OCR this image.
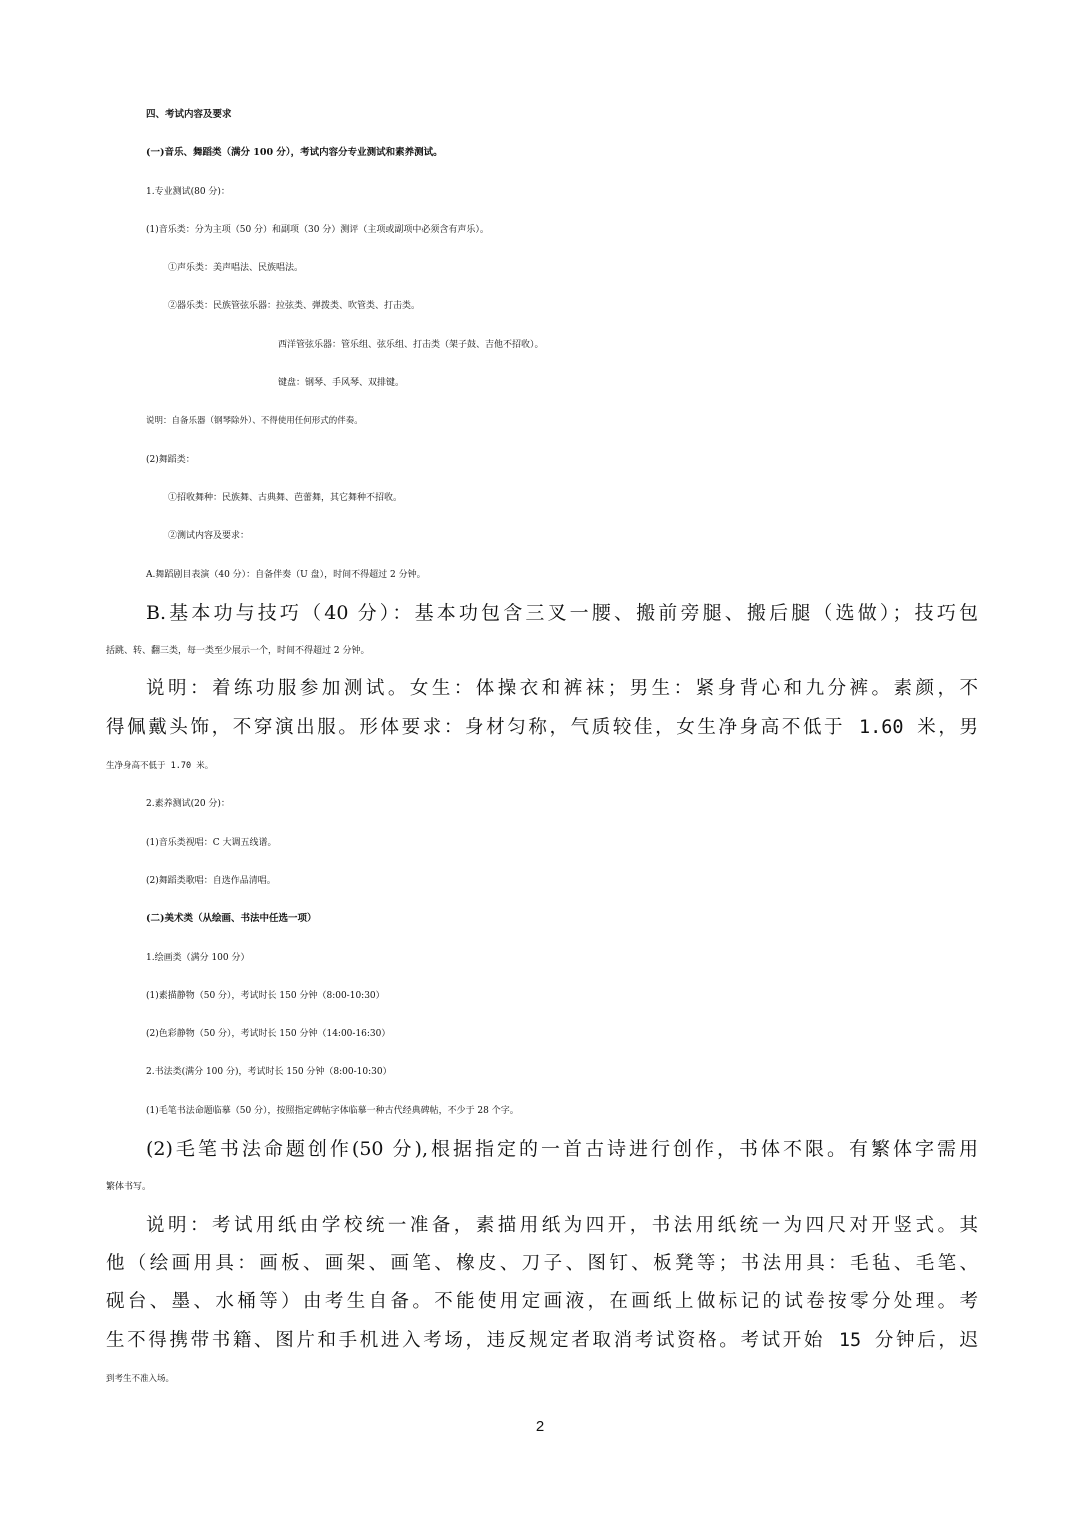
四、考试内容及要求
(一)音乐、舞蹈类（满分 100 分），考试内容分专业测试和素养测试。
1.专业测试(80 分)：
(1)音乐类：分为主项（50 分）和副项（30 分）测评（主项或副项中必须含有声乐）。
①声乐类：美声唱法、民族唱法。
②器乐类：民族管弦乐器：拉弦类、弹拨类、吹管类、打击类。
西洋管弦乐器：管乐组、弦乐组、打击类（架子鼓、吉他不招收）。
键盘：钢琴、手风琴、双排键。
说明：自备乐器（钢琴除外）、不得使用任何形式的伴奏。
(2)舞蹈类：
①招收舞种：民族舞、古典舞、芭蕾舞，其它舞种不招收。
②测试内容及要求：
A.舞蹈剧目表演（40 分）：自备伴奏（U 盘），时间不得超过 2 分钟。
B.基本功与技巧（40 分）：基本功包含三叉一腰、搬前旁腿、搬后腿（选做）；技巧包
括跳、转、翻三类，每一类至少展示一个，时间不得超过 2 分钟。
说明：着练功服参加测试。女生：体操衣和裤袜；男生：紧身背心和九分裤。素颜，不
得佩戴头饰，不穿演出服。形体要求：身材匀称，气质较佳，女生净身高不低于 1.60 米，男
生净身高不低于 1.70 米。
2.素养测试(20 分)：
(1)音乐类视唱：C 大调五线谱。
(2)舞蹈类歌唱：自选作品清唱。
(二)美术类（从绘画、书法中任选一项）
1.绘画类（满分 100 分）
(1)素描静物（50 分），考试时长 150 分钟（8:00-10:30）
(2)色彩静物（50 分），考试时长 150 分钟（14:00-16:30）
2.书法类(满分 100 分)，考试时长 150 分钟（8:00-10:30）
(1)毛笔书法命题临摹（50 分），按照指定碑帖字体临摹一种古代经典碑帖，不少于 28 个字。
(2)毛笔书法命题创作(50 分),根据指定的一首古诗进行创作，书体不限。有繁体字需用
繁体书写。
说明：考试用纸由学校统一准备，素描用纸为四开，书法用纸统一为四尺对开竖式。其
他（绘画用具：画板、画架、画笔、橡皮、刀子、图钉、板凳等；书法用具：毛毡、毛笔、
砚台、墨、水桶等）由考生自备。不能使用定画液，在画纸上做标记的试卷按零分处理。考
生不得携带书籍、图片和手机进入考场，违反规定者取消考试资格。考试开始 15 分钟后，迟
到考生不准入场。
2
